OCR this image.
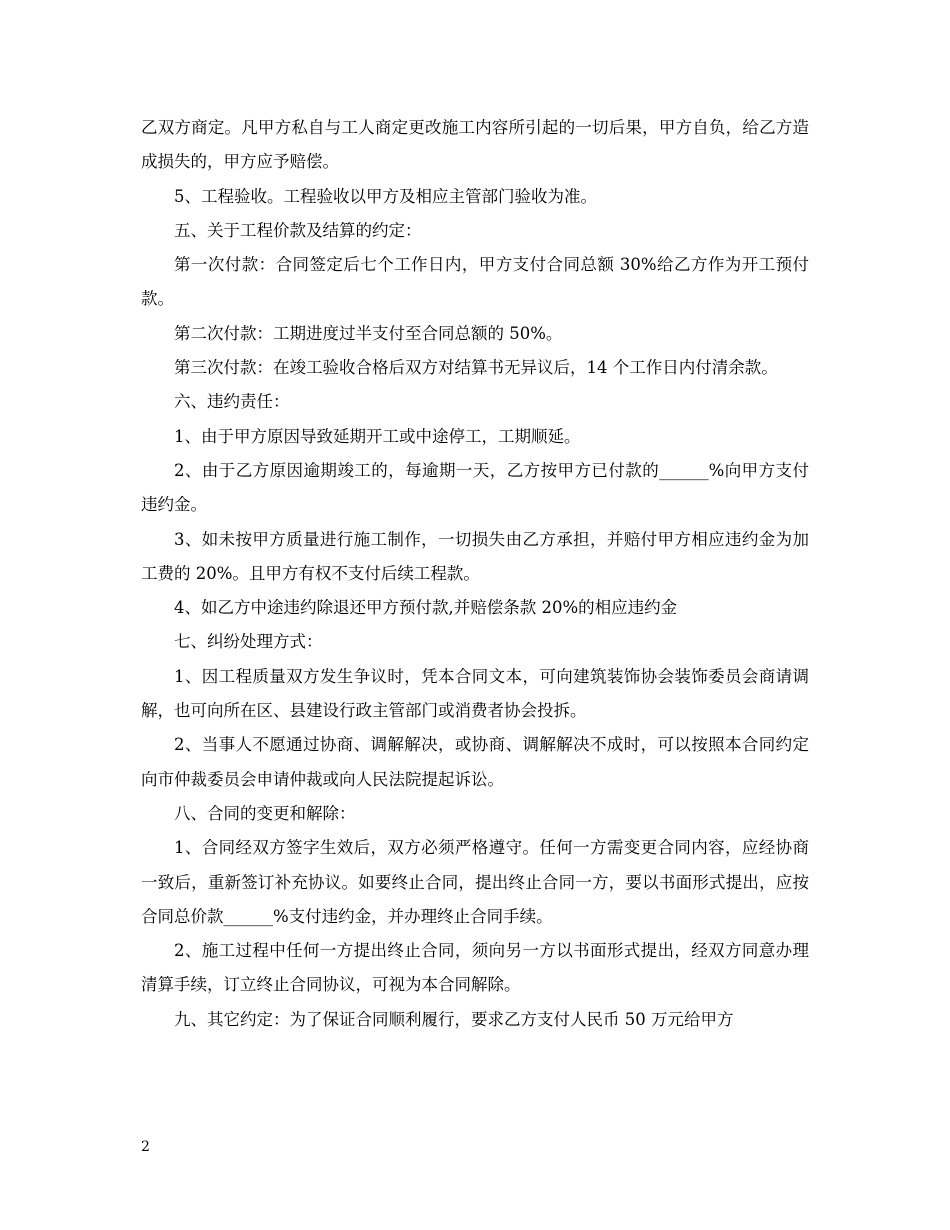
乙双方商定。凡甲方私自与工人商定更改施工内容所引起的一切后果，甲方自负，给乙方造成损失的，甲方应予赔偿。

5、工程验收。工程验收以甲方及相应主管部门验收为准。

五、关于工程价款及结算的约定：

第一次付款：合同签定后七个工作日内，甲方支付合同总额 30%给乙方作为开工预付款。

第二次付款：工期进度过半支付至合同总额的 50%。

第三次付款：在竣工验收合格后双方对结算书无异议后，14 个工作日内付清余款。

六、违约责任：

1、由于甲方原因导致延期开工或中途停工，工期顺延。

2、由于乙方原因逾期竣工的，每逾期一天，乙方按甲方已付款的______%向甲方支付违约金。

3、如未按甲方质量进行施工制作，一切损失由乙方承担，并赔付甲方相应违约金为加工费的 20%。且甲方有权不支付后续工程款。

4、如乙方中途违约除退还甲方预付款,并赔偿条款 20%的相应违约金

七、纠纷处理方式：

1、因工程质量双方发生争议时，凭本合同文本，可向建筑装饰协会装饰委员会商请调解，也可向所在区、县建设行政主管部门或消费者协会投拆。

2、当事人不愿通过协商、调解解决，或协商、调解解决不成时，可以按照本合同约定向市仲裁委员会申请仲裁或向人民法院提起诉讼。

八、合同的变更和解除：

1、合同经双方签字生效后，双方必须严格遵守。任何一方需变更合同内容，应经协商一致后，重新签订补充协议。如要终止合同，提出终止合同一方，要以书面形式提出，应按合同总价款______%支付违约金，并办理终止合同手续。

2、施工过程中任何一方提出终止合同，须向另一方以书面形式提出，经双方同意办理清算手续，订立终止合同协议，可视为本合同解除。

九、其它约定：为了保证合同顺利履行，要求乙方支付人民币 50 万元给甲方

2
